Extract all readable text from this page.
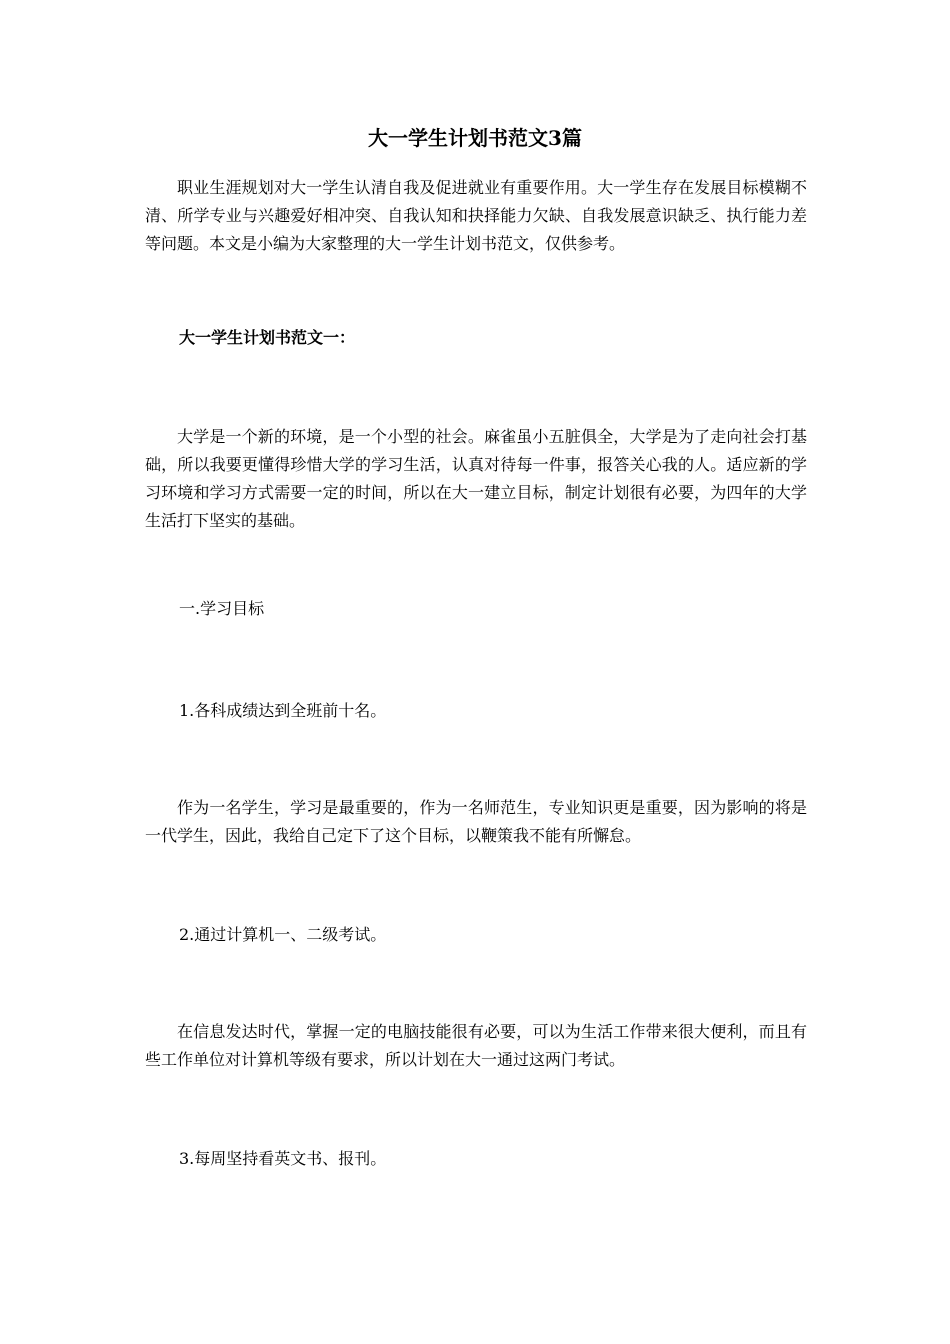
大一学生计划书范文3篇
职业生涯规划对大一学生认清自我及促进就业有重要作用。大一学生存在发展目标模糊不清、所学专业与兴趣爱好相冲突、自我认知和抉择能力欠缺、自我发展意识缺乏、执行能力差等问题。本文是小编为大家整理的大一学生计划书范文，仅供参考。
大一学生计划书范文一：
大学是一个新的环境，是一个小型的社会。麻雀虽小五脏俱全，大学是为了走向社会打基础，所以我要更懂得珍惜大学的学习生活，认真对待每一件事，报答关心我的人。适应新的学习环境和学习方式需要一定的时间，所以在大一建立目标，制定计划很有必要，为四年的大学生活打下坚实的基础。
一.学习目标
1.各科成绩达到全班前十名。
作为一名学生，学习是最重要的，作为一名师范生，专业知识更是重要，因为影响的将是一代学生，因此，我给自己定下了这个目标，以鞭策我不能有所懈怠。
2.通过计算机一、二级考试。
在信息发达时代，掌握一定的电脑技能很有必要，可以为生活工作带来很大便利，而且有些工作单位对计算机等级有要求，所以计划在大一通过这两门考试。
3.每周坚持看英文书、报刊。
